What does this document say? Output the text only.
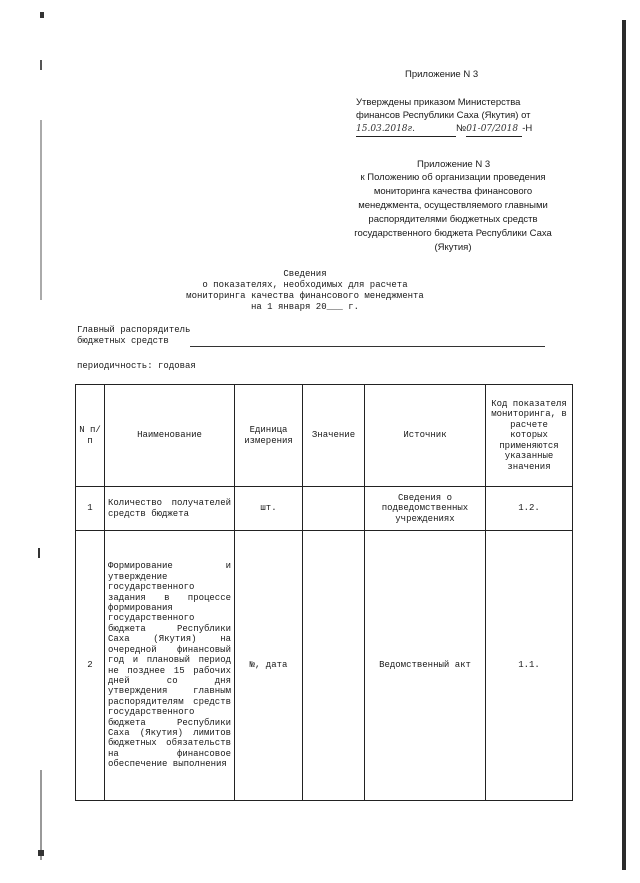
Приложение N 3
Утверждены приказом Министерства
финансов Республики Саха (Якутия) от
15.03.2018г.	№01-07/2018 -Н
Приложение N 3
к Положению об организации проведения
мониторинга качества финансового
менеджмента, осуществляемого главными
распорядителями бюджетных средств
государственного бюджета Республики Саха
(Якутия)
Сведения
о показателях, необходимых для расчета
мониторинга качества финансового менеджмента
на 1 января 20___ г.
Главный распорядитель
бюджетных средств
периодичность: годовая
N п/п	Наименование	Единица измерения	Значение	Источник	Код показателя мониторинга, в расчете которых применяются указанные значения
1	Количество получателей средств бюджета	шт.		Сведения о подведомственных учреждениях	1.2.
2	Формирование и утверждение государственного задания в процессе формирования государственного бюджета Республики Саха (Якутия) на очередной финансовый год и плановый период не позднее 15 рабочих дней со дня утверждения главным распорядителям средств государственного бюджета Республики Саха (Якутия) лимитов бюджетных обязательств на финансовое обеспечение выполнения	№, дата		Ведомственный акт	1.1.
